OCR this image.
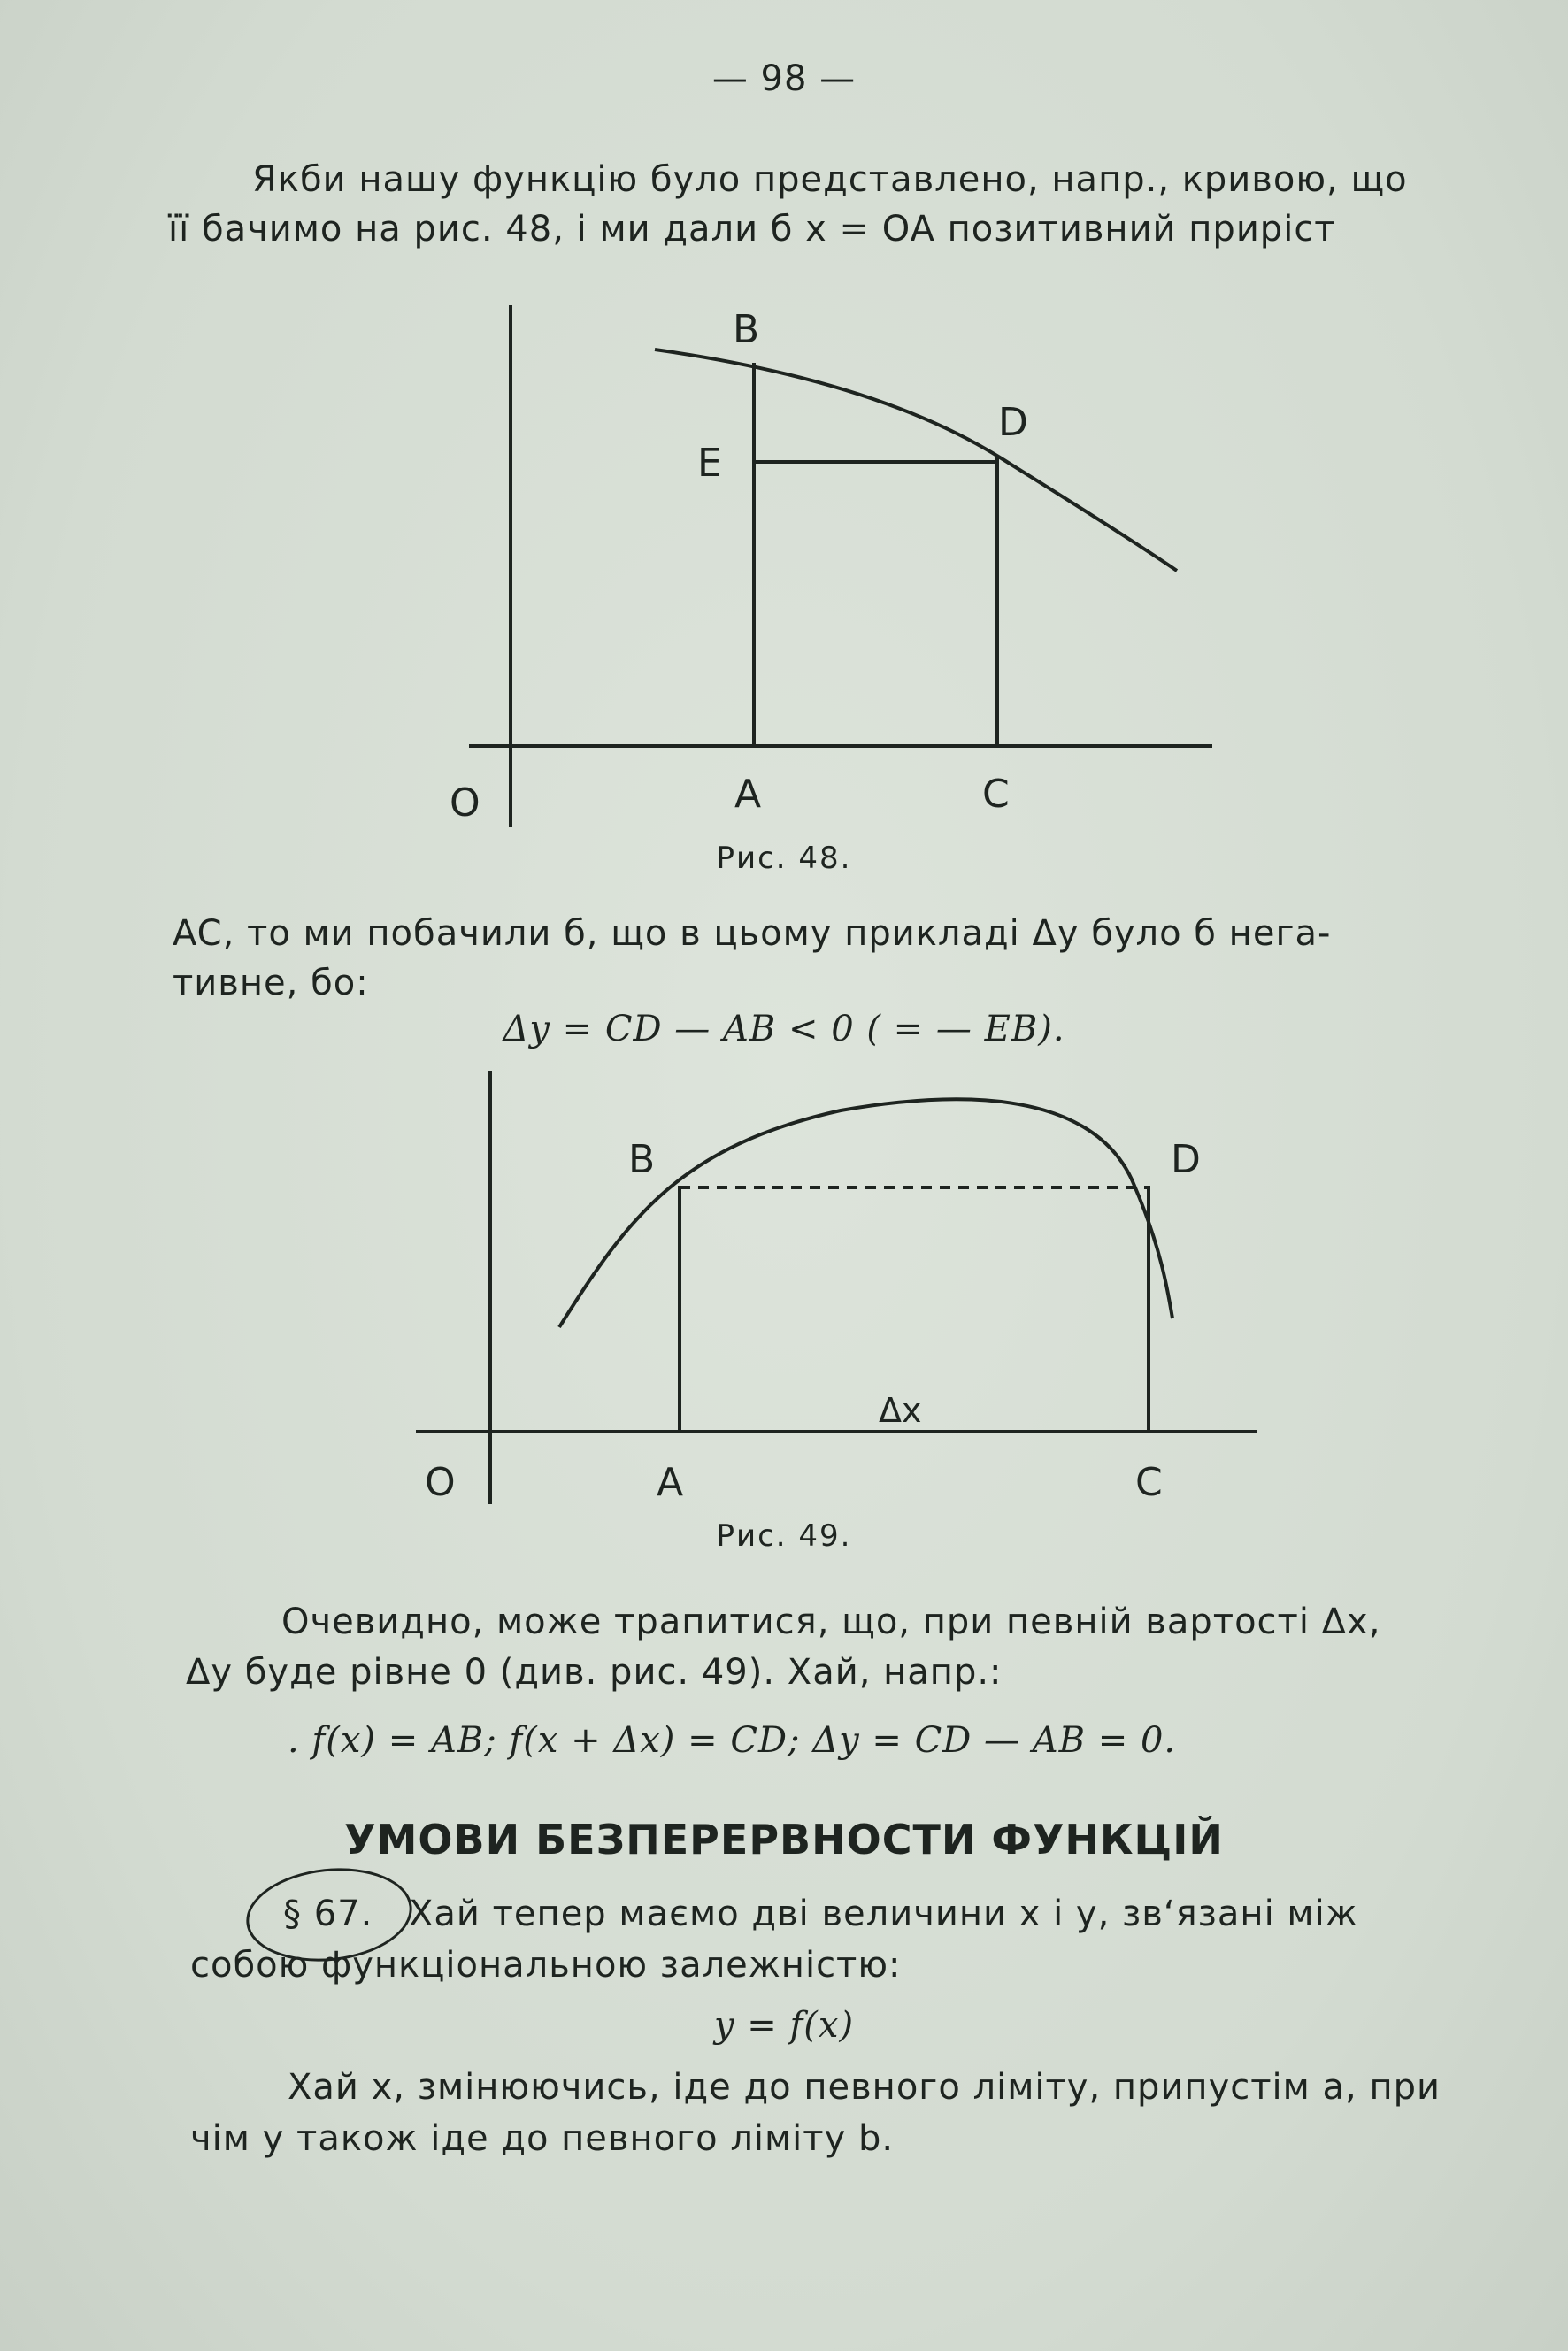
— 98 —
Якби нашу функцію було представлено, напр., кривою, що
її бачимо на рис. 48, і ми дали б x = OA позитивний приріст
B
D
E
O	A	C
Рис. 48.
AC, то ми побачили б, що в цьому прикладі Δy було б нега-
тивне, бо:
Δy = CD — AB < 0 ( = — EB).
B	D
Δx
O	A	C
Рис. 49.
Очевидно, може трапитися, що, при певній вартості Δx,
Δy буде рівне 0 (див. рис. 49). Хай, напр.:
. f(x) = AB; f(x + Δx) = CD; Δy = CD — AB = 0.
УМОВИ БЕЗПЕРЕРВНОСТИ ФУНКЦІЙ
§ 67. Хай тепер маємо дві величини x і y, зв‘язані між
собою функціональною залежністю:
y = f(x)
Хай x, змінюючись, іде до певного ліміту, припустім a, при
чім y також іде до певного ліміту b.
